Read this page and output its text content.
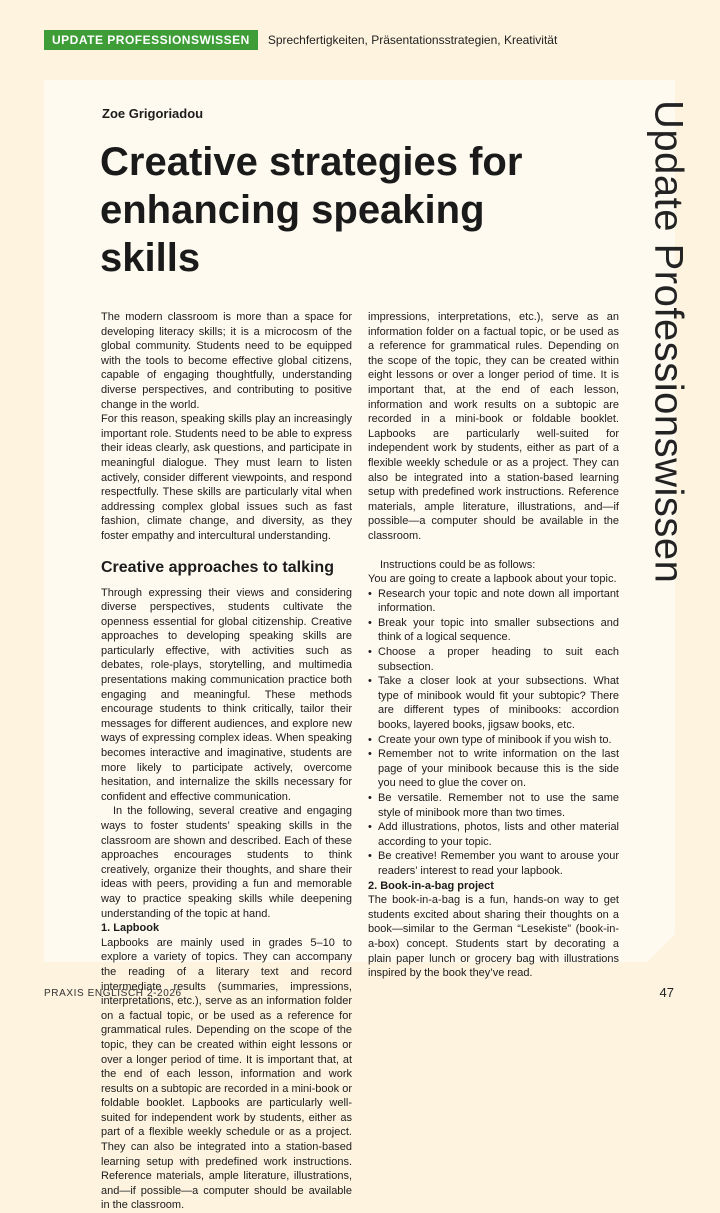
UPDATE PROFESSIONSWISSEN	Sprechfertigkeiten, Präsentationsstrategien, Kreativität
Update Professionswissen
Zoe Grigoriadou
Creative strategies for enhancing speaking skills

The modern classroom is more than a space for developing literacy skills; it is a microcosm of the global community. Students need to be equipped with the tools to become effective global citizens, capable of engaging thoughtfully, understanding diverse perspectives, and contributing to positive change in the world.

For this reason, speaking skills play an increasingly important role. Students need to be able to express their ideas clearly, ask questions, and participate in meaningful dialogue. They must learn to listen actively, consider different viewpoints, and respond respectfully. These skills are particularly vital when addressing complex global issues such as fast fashion, climate change, and diversity, as they foster empathy and intercultural understanding.

Creative approaches to talking

Through expressing their views and considering diverse perspectives, students cultivate the openness essential for global citizenship. Creative approaches to developing speaking skills are particularly effective, with activities such as debates, role-plays, storytelling, and multimedia presentations making communication practice both engaging and meaningful. These methods encourage students to think critically, tailor their messages for different audiences, and explore new ways of expressing complex ideas. When speaking becomes interactive and imaginative, students are more likely to participate actively, overcome hesitation, and internalize the skills necessary for confident and effective communication.

In the following, several creative and engaging ways to foster students’ speaking skills in the classroom are shown and described. Each of these approaches encourages students to think creatively, organize their thoughts, and share their ideas with peers, providing a fun and memorable way to practice speaking skills while deepening understanding of the topic at hand.

1. Lapbook

Lapbooks are mainly used in grades 5–10 to explore a variety of topics. They can accompany the reading of a literary text and record intermediate results (summaries, impressions, interpretations, etc.), serve as an information folder on a factual topic, or be used as a reference for grammatical rules. Depending on the scope of the topic, they can be created within eight lessons or over a longer period of time. It is important that, at the end of each lesson, information and work results on a subtopic are recorded in a mini-book or foldable booklet. Lapbooks are particularly well-suited for independent work by students, either as part of a flexible weekly schedule or as a project. They can also be integrated into a station-based learning setup with predefined work instructions. Reference materials, ample literature, illustrations, and—if possible—a computer should be available in the classroom.

impressions, interpretations, etc.), serve as an information folder on a factual topic, or be used as a reference for grammatical rules. Depending on the scope of the topic, they can be created within eight lessons or over a longer period of time. It is important that, at the end of each lesson, information and work results on a subtopic are recorded in a mini-book or foldable booklet. Lapbooks are particularly well-suited for independent work by students, either as part of a flexible weekly schedule or as a project. They can also be integrated into a station-based learning setup with predefined work instructions. Reference materials, ample literature, illustrations, and—if possible—a computer should be available in the classroom.

Instructions could be as follows:

You are going to create a lapbook about your topic.

• Research your topic and note down all important information.
• Break your topic into smaller subsections and think of a logical sequence.
• Choose a proper heading to suit each subsection.
• Take a closer look at your subsections. What type of minibook would fit your subtopic? There are different types of minibooks: accordion books, layered books, jigsaw books, etc.
• Create your own type of minibook if you wish to.
• Remember not to write information on the last page of your minibook because this is the side you need to glue the cover on.
• Be versatile. Remember not to use the same style of minibook more than two times.
• Add illustrations, photos, lists and other material according to your topic.
• Be creative! Remember you want to arouse your readers’ interest to read your lapbook.

2. Book-in-a-bag project

The book-in-a-bag is a fun, hands-on way to get students excited about sharing their thoughts on a book—similar to the German “Lesekiste” (book-in-a-box) concept. Students start by decorating a plain paper lunch or grocery bag with illustrations inspired by the book they’ve read.

PRAXIS ENGLISCH 2-2026	47
